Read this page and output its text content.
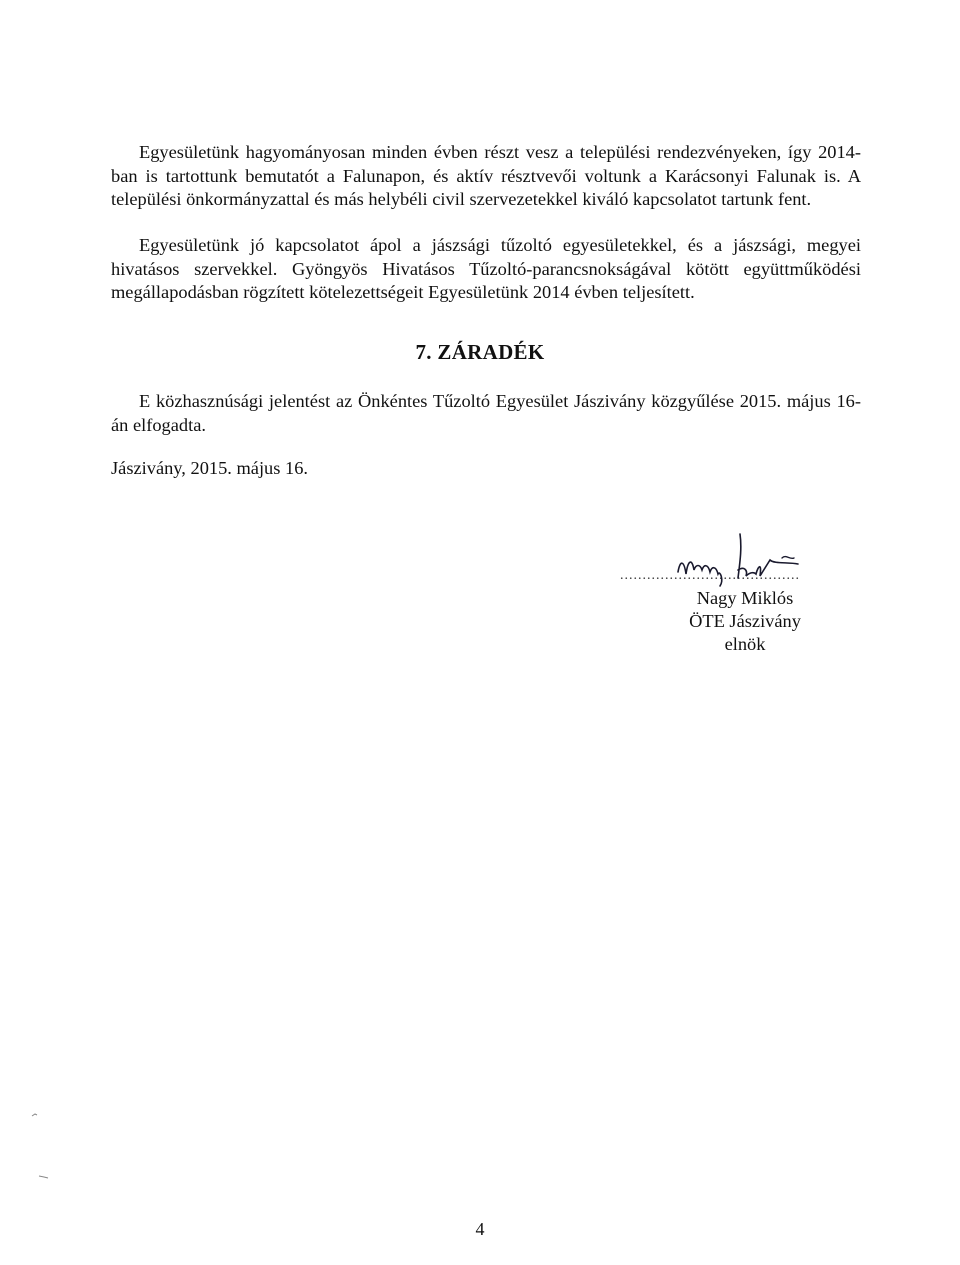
Egyesületünk hagyományosan minden évben részt vesz a települési rendezvényeken, így 2014-ban is tartottunk bemutatót a Falunapon, és aktív résztvevői voltunk a Karácsonyi Falunak is. A települési önkormányzattal és más helybéli civil szervezetekkel kiváló kapcsolatot tartunk fent.

Egyesületünk jó kapcsolatot ápol a jászsági tűzoltó egyesületekkel, és a jászsági, megyei hivatásos szervekkel. Gyöngyös Hivatásos Tűzoltó-parancsnokságával kötött együttműködési megállapodásban rögzített kötelezettségeit Egyesületünk 2014 évben teljesített.

7. ZÁRADÉK

E közhasznúsági jelentést az Önkéntes Tűzoltó Egyesület Jászivány közgyűlése 2015. május 16-án elfogadta.

Jászivány, 2015. május 16.

........................................
Nagy Miklós
ÖTE Jászivány
elnök
4
